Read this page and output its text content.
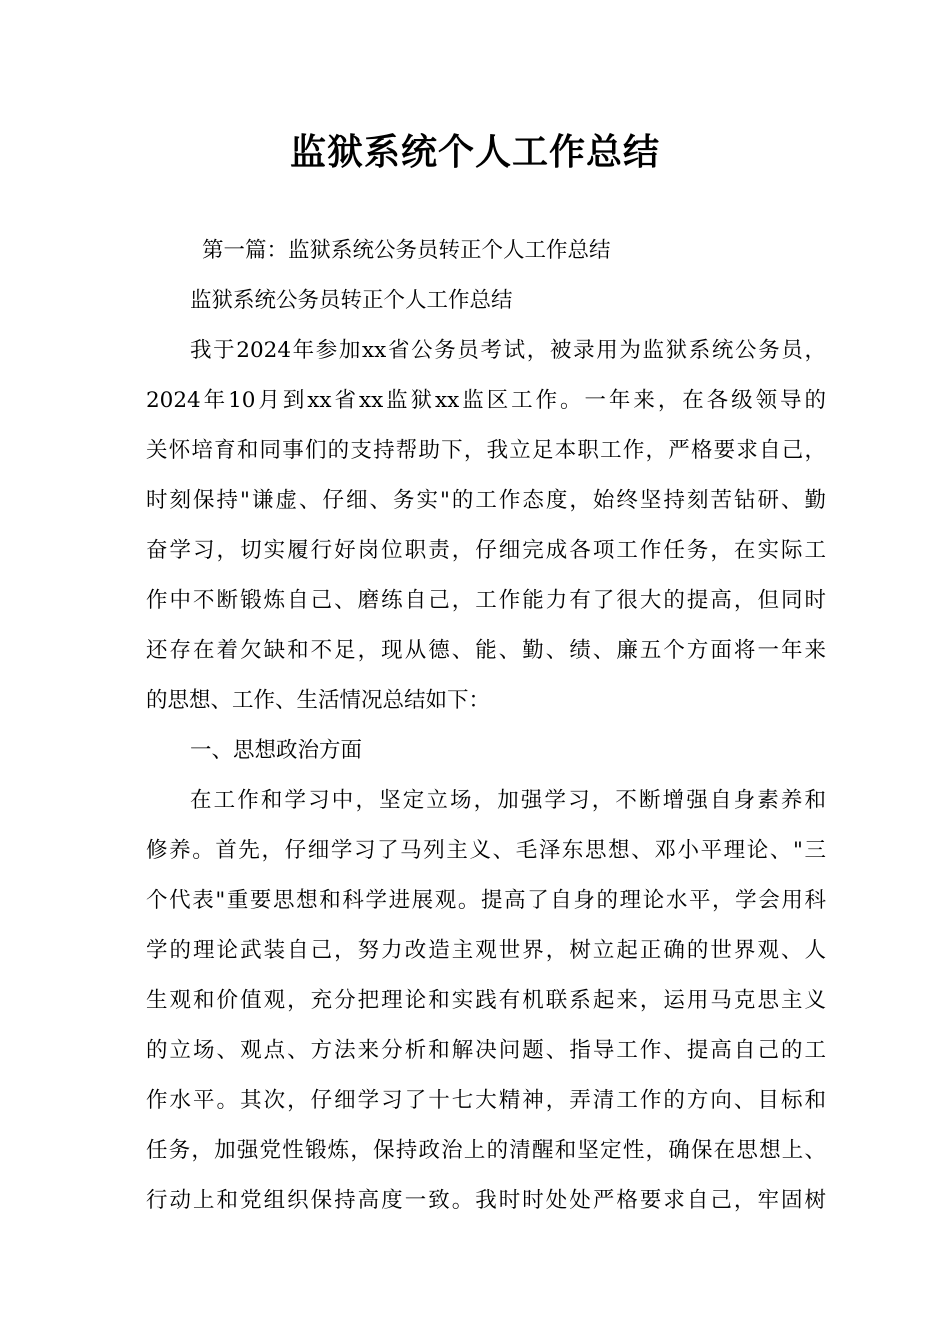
监狱系统个人工作总结
第一篇：监狱系统公务员转正个人工作总结
监狱系统公务员转正个人工作总结
我于2024年参加xx省公务员考试，被录用为监狱系统公务员，
2024年10月到xx省xx监狱xx监区工作。一年来，在各级领导的
关怀培育和同事们的支持帮助下，我立足本职工作，严格要求自己，
时刻保持"谦虚、仔细、务实"的工作态度，始终坚持刻苦钻研、勤
奋学习，切实履行好岗位职责，仔细完成各项工作任务，在实际工
作中不断锻炼自己、磨练自己，工作能力有了很大的提高，但同时
还存在着欠缺和不足，现从德、能、勤、绩、廉五个方面将一年来
的思想、工作、生活情况总结如下：
一、思想政治方面
在工作和学习中，坚定立场，加强学习，不断增强自身素养和
修养。首先，仔细学习了马列主义、毛泽东思想、邓小平理论、"三
个代表"重要思想和科学进展观。提高了自身的理论水平，学会用科
学的理论武装自己，努力改造主观世界，树立起正确的世界观、人
生观和价值观，充分把理论和实践有机联系起来，运用马克思主义
的立场、观点、方法来分析和解决问题、指导工作、提高自己的工
作水平。其次，仔细学习了十七大精神，弄清工作的方向、目标和
任务，加强党性锻炼，保持政治上的清醒和坚定性，确保在思想上、
行动上和党组织保持高度一致。我时时处处严格要求自己，牢固树
